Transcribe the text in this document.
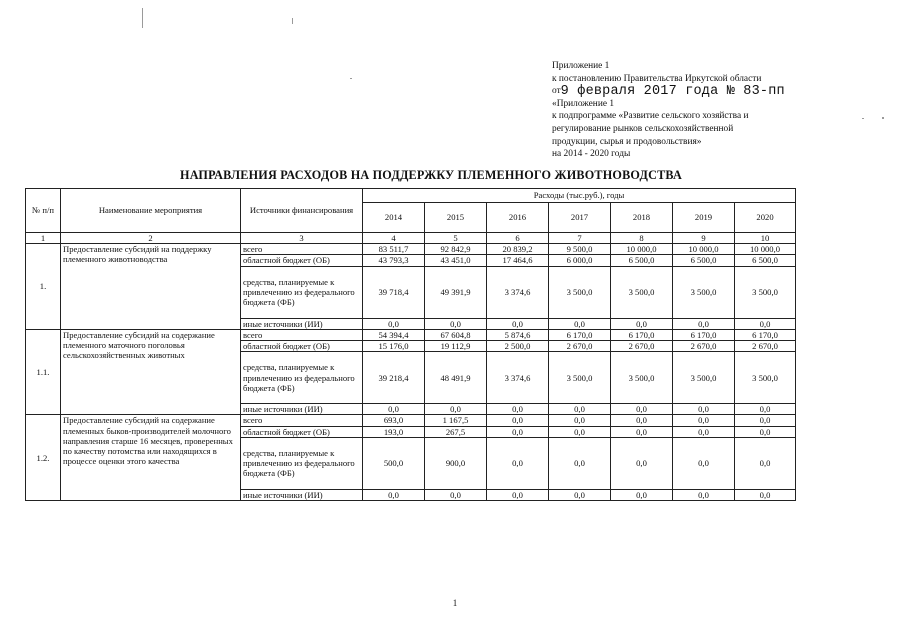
Приложение 1
к постановлению Правительства Иркутской области
от9 февраля 2017 года № 83-пп
«Приложение 1
к подпрограмме «Развитие сельского хозяйства и
регулирование рынков сельскохозяйственной
продукции, сырья и продовольствия»
на 2014 - 2020 годы
НАПРАВЛЕНИЯ РАСХОДОВ НА ПОДДЕРЖКУ ПЛЕМЕННОГО ЖИВОТНОВОДСТВА
№ п/п	Наименование мероприятия	Источники финансирования	Расходы (тыс.руб.), годы						
			2014	2015	2016	2017	2018	2019	2020
1	2	3	4	5	6	7	8	9	10
1.	Предоставление субсидий на поддержку племенного животноводства	всего	83 511,7	92 842,9	20 839,2	9 500,0	10 000,0	10 000,0	10 000,0
		областной бюджет (ОБ)	43 793,3	43 451,0	17 464,6	6 000,0	6 500,0	6 500,0	6 500,0
		средства, планируемые к привлечению из федерального бюджета (ФБ)	39 718,4	49 391,9	3 374,6	3 500,0	3 500,0	3 500,0	3 500,0
		иные источники (ИИ)	0,0	0,0	0,0	0,0	0,0	0,0	0,0
1.1.	Предоставление субсидий на содержание племенного маточного поголовья сельскохозяйственных животных	всего	54 394,4	67 604,8	5 874,6	6 170,0	6 170,0	6 170,0	6 170,0
		областной бюджет (ОБ)	15 176,0	19 112,9	2 500,0	2 670,0	2 670,0	2 670,0	2 670,0
		средства, планируемые к привлечению из федерального бюджета (ФБ)	39 218,4	48 491,9	3 374,6	3 500,0	3 500,0	3 500,0	3 500,0
		иные источники (ИИ)	0,0	0,0	0,0	0,0	0,0	0,0	0,0
1.2.	Предоставление субсидий на содержание племенных быков-производителей молочного направления старше 16 месяцев, проверенных по качеству потомства или находящихся в процессе оценки этого качества	всего	693,0	1 167,5	0,0	0,0	0,0	0,0	0,0
		областной бюджет (ОБ)	193,0	267,5	0,0	0,0	0,0	0,0	0,0
		средства, планируемые к привлечению из федерального бюджета (ФБ)	500,0	900,0	0,0	0,0	0,0	0,0	0,0
		иные источники (ИИ)	0,0	0,0	0,0	0,0	0,0	0,0	0,0
1
